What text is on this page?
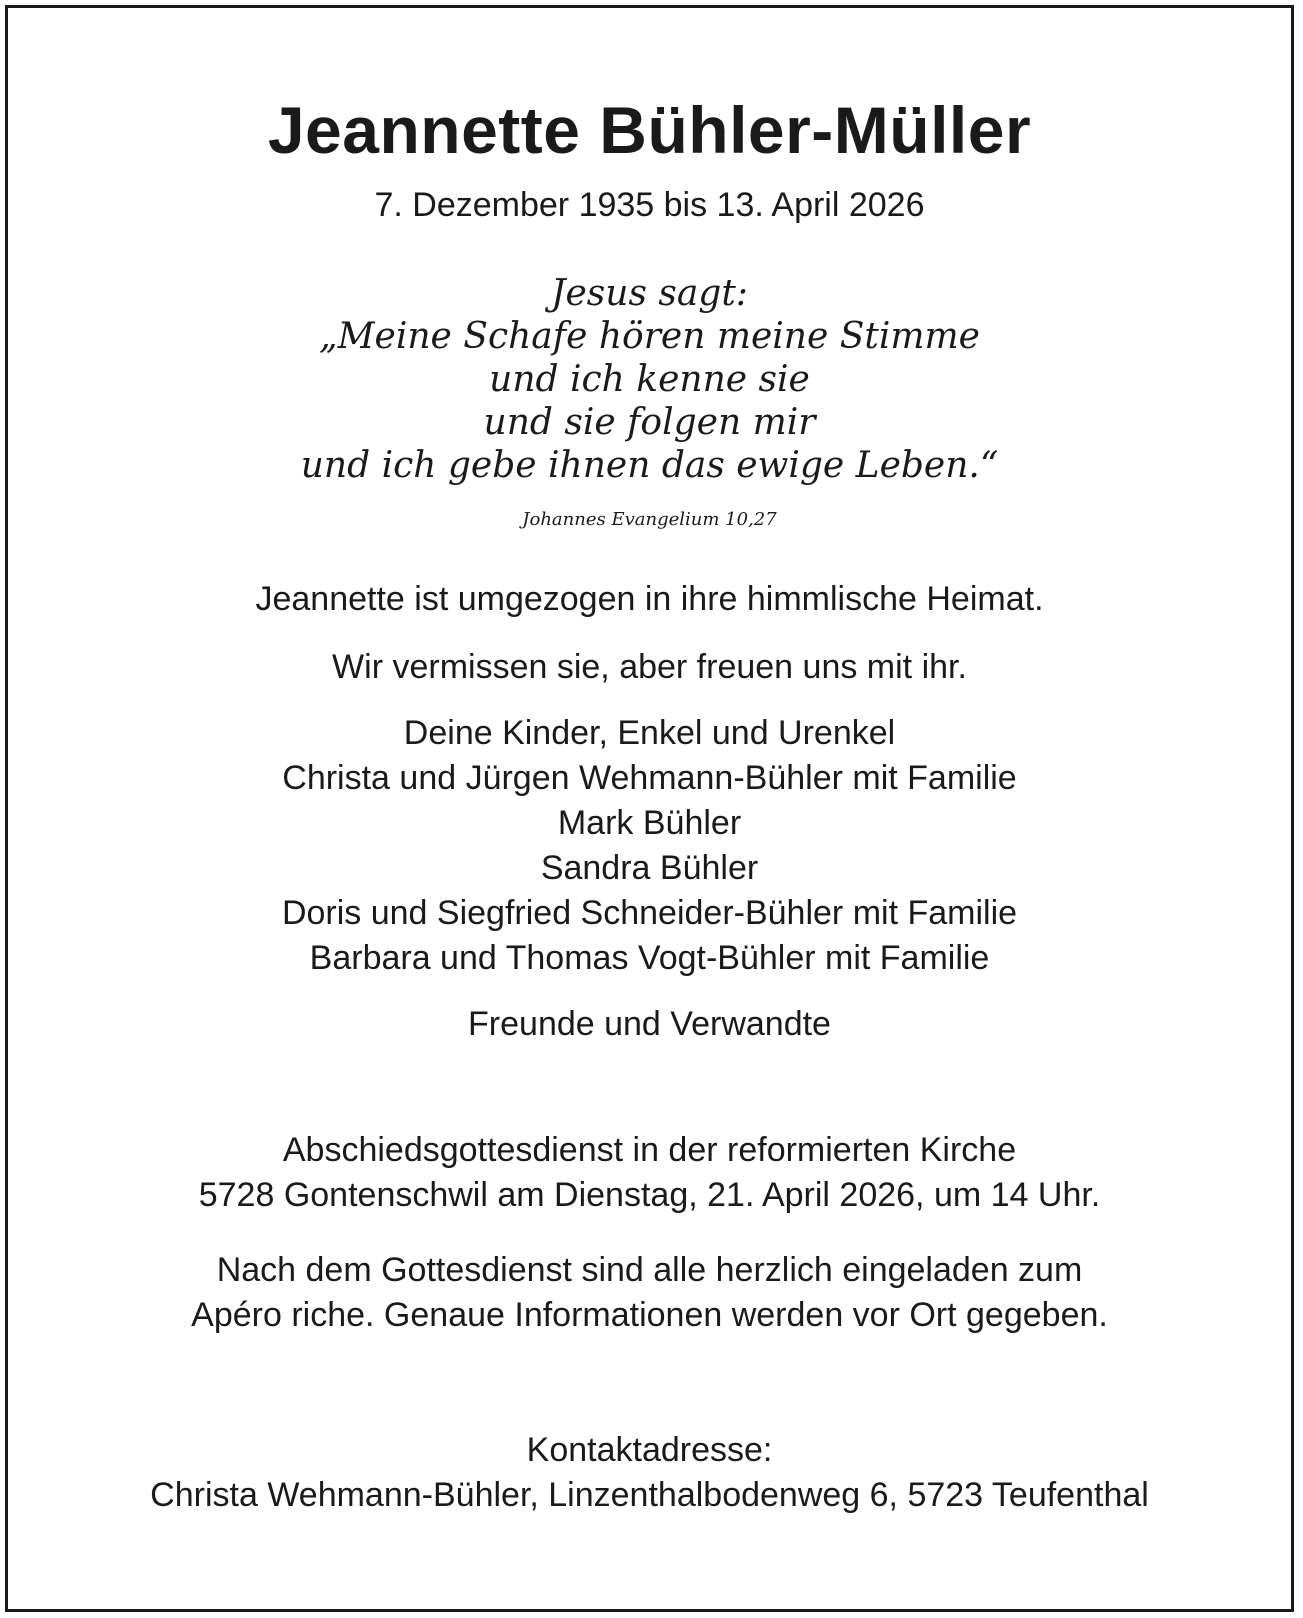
Jeannette Bühler-Müller
7. Dezember 1935 bis 13. April 2026
Jesus sagt:
„Meine Schafe hören meine Stimme
und ich kenne sie
und sie folgen mir
und ich gebe ihnen das ewige Leben.“
Johannes Evangelium 10,27
Jeannette ist umgezogen in ihre himmlische Heimat.
Wir vermissen sie, aber freuen uns mit ihr.
Deine Kinder, Enkel und Urenkel
Christa und Jürgen Wehmann-Bühler mit Familie
Mark Bühler
Sandra Bühler
Doris und Siegfried Schneider-Bühler mit Familie
Barbara und Thomas Vogt-Bühler mit Familie
Freunde und Verwandte
Abschiedsgottesdienst in der reformierten Kirche
5728 Gontenschwil am Dienstag, 21. April 2026, um 14 Uhr.
Nach dem Gottesdienst sind alle herzlich eingeladen zum
Apéro riche. Genaue Informationen werden vor Ort gegeben.
Kontaktadresse:
Christa Wehmann-Bühler, Linzenthalbodenweg 6, 5723 Teufenthal
